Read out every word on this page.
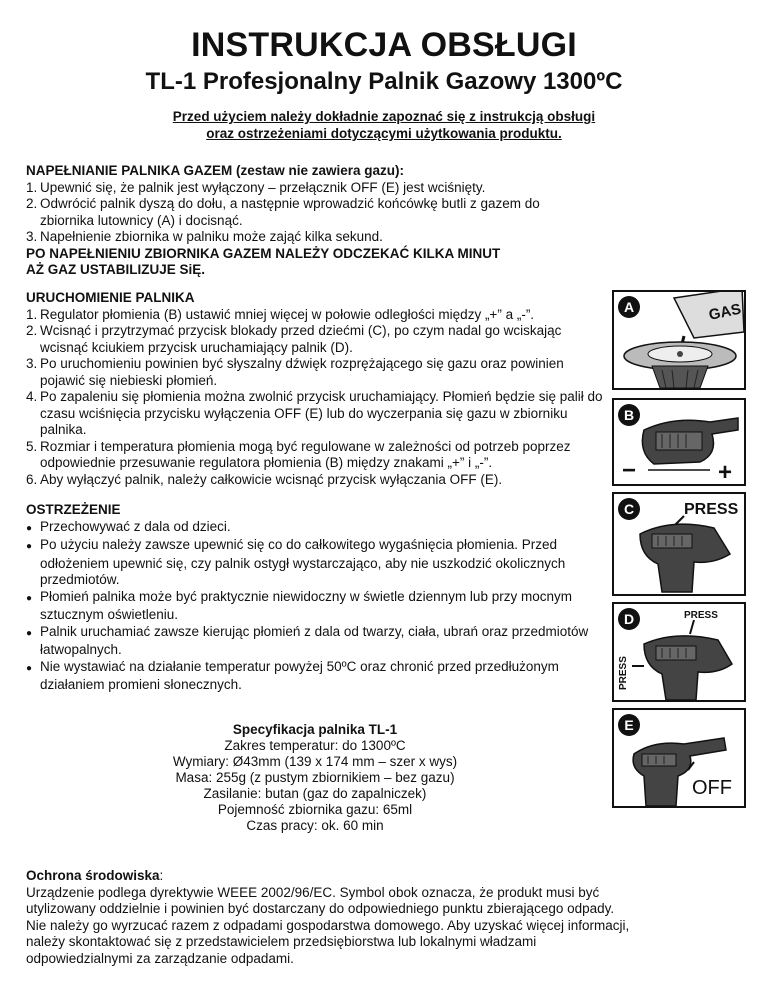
INSTRUKCJA OBSŁUGI
TL-1 Profesjonalny Palnik Gazowy 1300ºC
Przed użyciem należy dokładnie zapoznać się z instrukcją obsługi
oraz ostrzeżeniami dotyczącymi użytkowania produktu.
NAPEŁNIANIE PALNIKA GAZEM (zestaw nie zawiera gazu):
1. Upewnić się, że palnik jest wyłączony – przełącznik OFF (E) jest wciśnięty.
2. Odwrócić palnik dyszą do dołu, a następnie wprowadzić końcówkę butli z gazem do zbiornika lutownicy (A) i docisnąć.
3. Napełnienie zbiornika w palniku może zająć kilka sekund.
PO NAPEŁNIENIU ZBIORNIKA GAZEM NALEŻY ODCZEKAĆ KILKA MINUT
AŻ GAZ USTABILIZUJE SiĘ.
URUCHOMIENIE PALNIKA
1. Regulator płomienia (B) ustawić mniej więcej w połowie odległości między „+” a „-”.
2. Wcisnąć i przytrzymać przycisk blokady przed dziećmi (C), po czym nadal go wciskając wcisnąć kciukiem przycisk uruchamiający palnik (D).
3. Po uruchomieniu powinien być słyszalny dźwięk rozprężającego się gazu oraz powinien pojawić się niebieski płomień.
4. Po zapaleniu się płomienia można zwolnić przycisk uruchamiający. Płomień będzie się palił do czasu wciśnięcia przycisku wyłączenia OFF (E) lub do wyczerpania się gazu w zbiorniku palnika.
5. Rozmiar i temperatura płomienia mogą być regulowane w zależności od potrzeb poprzez odpowiednie przesuwanie regulatora płomienia (B) między znakami „+” i „-”.
6. Aby wyłączyć palnik, należy całkowicie wcisnąć przycisk wyłączania OFF (E).
OSTRZEŻENIE
● Przechowywać z dala od dzieci.
● Po użyciu należy zawsze upewnić się co do całkowitego wygaśnięcia płomienia. Przed odłożeniem upewnić się, czy palnik ostygł wystarczająco, aby nie uszkodzić okolicznych przedmiotów.
● Płomień palnika może być praktycznie niewidoczny w świetle dziennym lub przy mocnym sztucznym oświetleniu.
● Palnik uruchamiać zawsze kierując płomień z dala od twarzy, ciała, ubrań oraz przedmiotów łatwopalnych.
● Nie wystawiać na działanie temperatur powyżej 50ºC oraz chronić przed przedłużonym działaniem promieni słonecznych.
Specyfikacja palnika TL-1
Zakres temperatur: do 1300ºC
Wymiary: Ø43mm (139 x 174 mm – szer x wys)
Masa: 255g (z pustym zbiornikiem – bez gazu)
Zasilanie: butan (gaz do zapalniczek)
Pojemność zbiornika gazu: 65ml
Czas pracy: ok. 60 min
Ochrona środowiska:
Urządzenie podlega dyrektywie WEEE 2002/96/EC. Symbol obok oznacza, że produkt musi być utylizowany oddzielnie i powinien być dostarczany do odpowiedniego punktu zbierającego odpady. Nie należy go wyrzucać razem z odpadami gospodarstwa domowego. Aby uzyskać więcej informacji, należy skontaktować się z przedstawicielem przedsiębiorstwa lub lokalnymi władzami odpowiedzialnymi za zarządzanie odpadami.
A	GAS
B
−	+
C	PRESS
D	PRESS
PRESS
E
OFF
